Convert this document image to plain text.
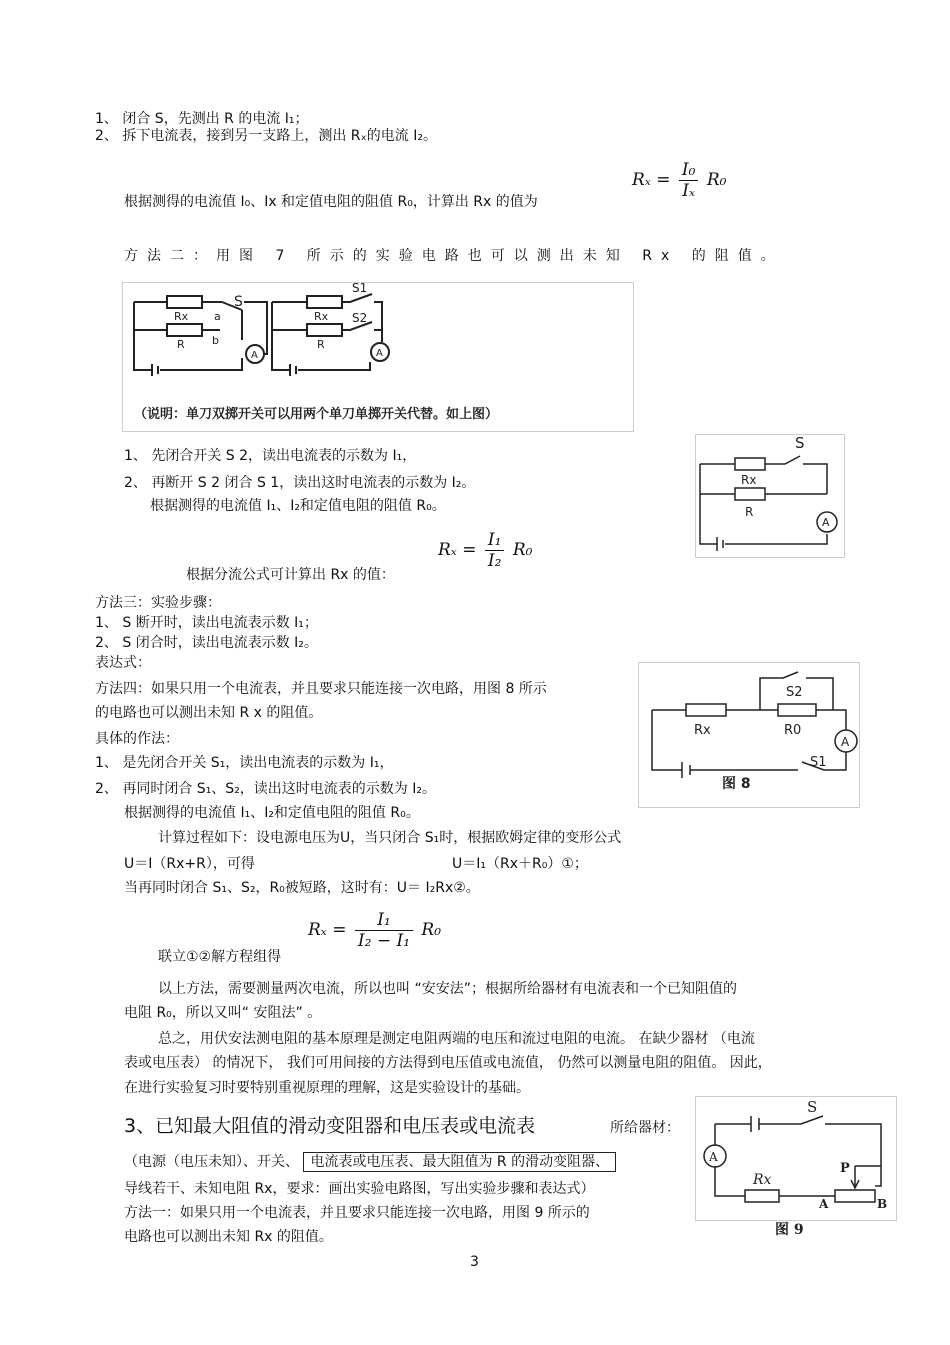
1、 闭合 S，先测出 R 的电流 I₁；
2、 拆下电流表，接到另一支路上，测出 Rₓ的电流 I₂。
$R_x = \frac{\text{I₀}}{\text{Iₓ}} R_0$
根据测得的电流值 I₀、Ix 和定值电阻的阻值 R₀，计算出 Rx 的值为
方法二：用图 7 所示的实验电路也可以测出未知 Rx 的阻值。
Rx
R
a
b
S
A
Rx
R
S1
S2
A
（说明：单刀双掷开关可以用两个单刀单掷开关代替。如上图）
1、 先闭合开关 S 2，读出电流表的示数为 I₁，
2、 再断开 S 2 闭合 S 1，读出这时电流表的示数为 I₂。
根据测得的电流值 I₁、I₂和定值电阻的阻值 R₀。
S
Rx
R
A
$R_x = \frac{\text{I₁}}{\text{I₂}} R_0$
根据分流公式可计算出 Rx 的值：
方法三：实验步骤：
1、 S 断开时，读出电流表示数 I₁；
2、 S 闭合时，读出电流表示数 I₂。
表达式：
方法四：如果只用一个电流表，并且要求只能连接一次电路，用图 8 所示
的电路也可以测出未知 R x 的阻值。
具体的作法：
1、 是先闭合开关 S₁，读出电流表的示数为 I₁，
2、 再同时闭合 S₁、S₂，读出这时电流表的示数为 I₂。
根据测得的电流值 I₁、I₂和定值电阻的阻值 R₀。
S2
Rx	R0
A
S1
图 8
计算过程如下：设电源电压为U，当只闭合 S₁时，根据欧姆定律的变形公式
U＝I（Rx+R），可得	U＝I₁（Rx＋R₀）①；
当再同时闭合 S₁、S₂，R₀被短路，这时有：U＝ I₂Rx②。
$R_x = \frac{\text{I₁}}{\text{I₂ − I₁}} R_0$
联立①②解方程组得
以上方法，需要测量两次电流，所以也叫 “安安法”；根据所给器材有电流表和一个已知阻值的
电阻 R₀，所以又叫“ 安阻法” 。
总之，用伏安法测电阻的基本原理是测定电阻两端的电压和流过电阻的电流。 在缺少器材 （电流
表或电压表） 的情况下， 我们可用间接的方法得到电压值或电流值， 仍然可以测量电阻的阻值。 因此，
在进行实验复习时要特别重视原理的理解，这是实验设计的基础。
3、已知最大阻值的滑动变阻器和电压表或电流表	所给器材：
S
A
Rx
P
A	B
图 9
（电源（电压未知）、开关、 电流表或电压表、最大阻值为 R 的滑动变阻器、
导线若干、未知电阻 Rx，要求：画出实验电路图，写出实验步骤和表达式）
方法一：如果只用一个电流表，并且要求只能连接一次电路，用图 9 所示的
电路也可以测出未知 Rx 的阻值。
3
